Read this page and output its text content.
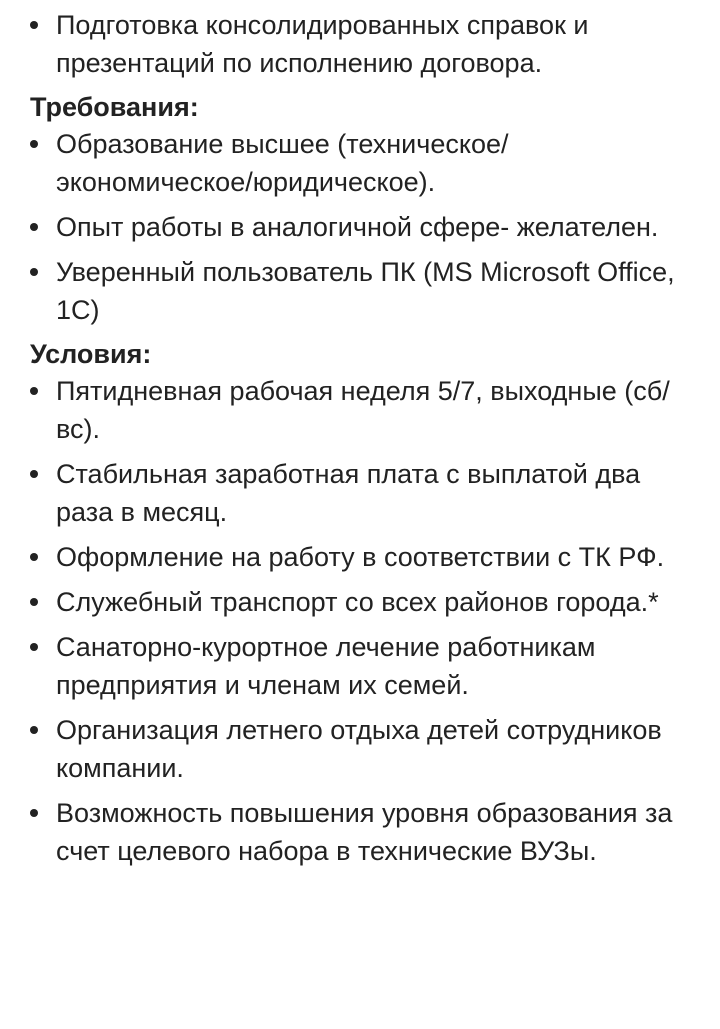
Подготовка консолидированных справок и презентаций по исполнению договора.
Требования:
Образование высшее (техническое/ экономическое/юридическое).
Опыт работы в аналогичной сфере- желателен.
Уверенный пользователь ПК (MS Microsoft Office, 1С)
Условия:
Пятидневная рабочая неделя 5/7, выходные (сб/вс).
Стабильная заработная плата с выплатой два раза в месяц.
Оформление на работу в соответствии с ТК РФ.
Служебный транспорт со всех районов города.*
Санаторно-курортное лечение работникам предприятия и членам их семей.
Организация летнего отдыха детей сотрудников компании.
Возможность повышения уровня образования за счет целевого набора в технические ВУЗы.
